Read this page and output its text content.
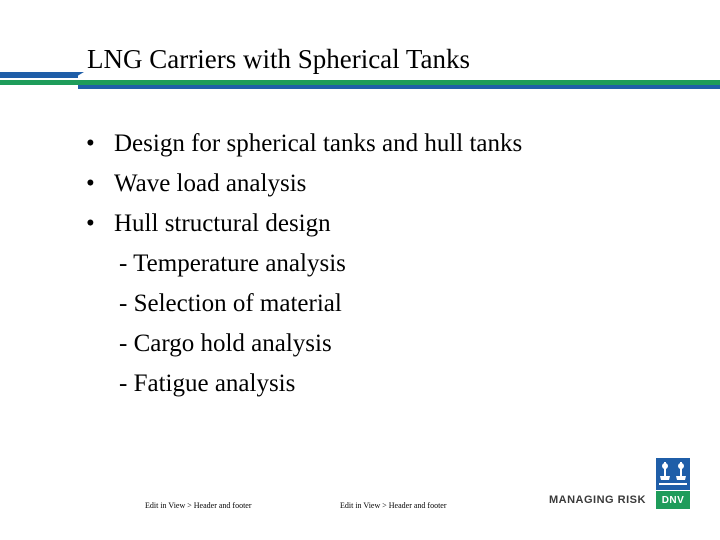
LNG Carriers with Spherical Tanks
• Design for spherical tanks and hull tanks
• Wave load analysis
• Hull structural design
- Temperature analysis
- Selection of material
- Cargo hold analysis
- Fatigue analysis
Edit in View > Header and footer	Edit in View > Header and footer	MANAGING RISK	DNV
